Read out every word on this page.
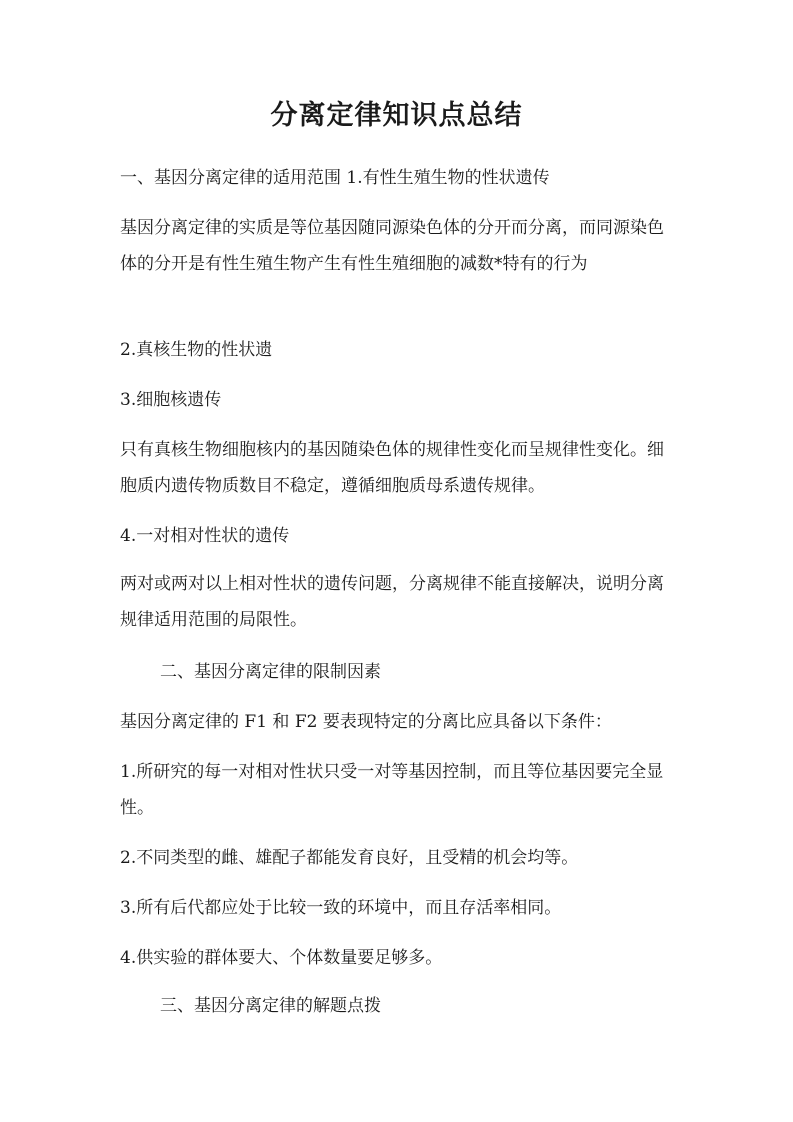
分离定律知识点总结

一、基因分离定律的适用范围 1.有性生殖生物的性状遗传

基因分离定律的实质是等位基因随同源染色体的分开而分离，而同源染色体的分开是有性生殖生物产生有性生殖细胞的减数*特有的行为

2.真核生物的性状遗

3.细胞核遗传

只有真核生物细胞核内的基因随染色体的规律性变化而呈规律性变化。细胞质内遗传物质数目不稳定，遵循细胞质母系遗传规律。

4.一对相对性状的遗传

两对或两对以上相对性状的遗传问题，分离规律不能直接解决，说明分离规律适用范围的局限性。

二、基因分离定律的限制因素

基因分离定律的 F1 和 F2 要表现特定的分离比应具备以下条件：

1.所研究的每一对相对性状只受一对等基因控制，而且等位基因要完全显性。

2.不同类型的雌、雄配子都能发育良好，且受精的机会均等。

3.所有后代都应处于比较一致的环境中，而且存活率相同。

4.供实验的群体要大、个体数量要足够多。

三、基因分离定律的解题点拨
